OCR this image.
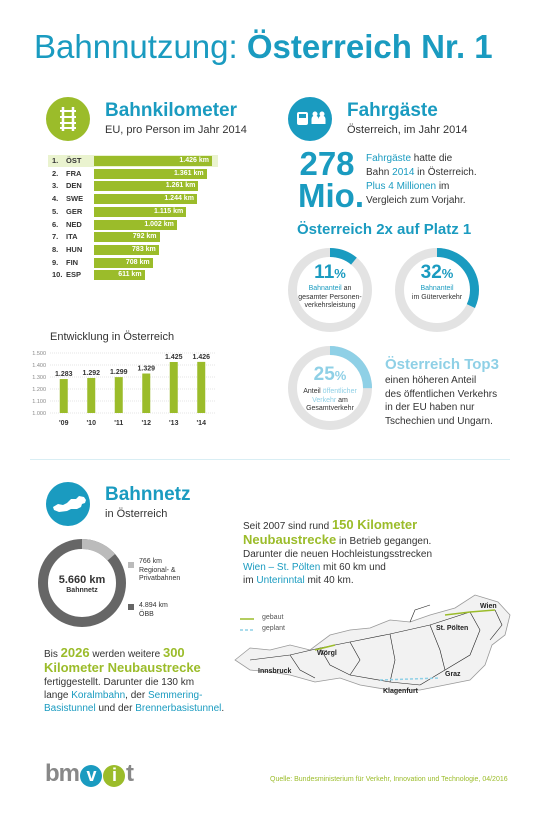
Bahnnutzung: Österreich Nr. 1
Bahnkilometer
EU, pro Person im Jahr 2014
1. ÖST	1.426 km
2. FRA	1.361 km
3. DEN	1.261 km
4. SWE	1.244 km
5. GER	1.115 km
6. NED	1.002 km
7. ITA	792 km
8. HUN	783 km
9. FIN	708 km
10. ESP	611 km
Entwicklung in Österreich
1.500
1.400
1.300
1.200
1.100
1.000
1.283
'09
1.292
'10
1.299
'11
1.329
'12
1.425
'13
1.426
'14
Fahrgäste
Österreich, im Jahr 2014
278
Mio.
Fahrgäste hatte die
Bahn 2014 in Österreich.
Plus 4 Millionen im
Vergleich zum Vorjahr.
Österreich 2x auf Platz 1
11%
Bahnanteil an
gesamter Personen-
verkehrsleistung
32%
Bahnanteil
im Güterverkehr
25%
Anteil öffentlicher
Verkehr am
Gesamtverkehr
Österreich Top3
einen höheren Anteil
des öffentlichen Verkehrs
in der EU haben nur
Tschechien und Ungarn.
Bahnnetz
in Österreich
5.660 km
Bahnnetz
766 km
Regional- &
Privatbahnen
4.894 km
ÖBB
Bis 2026 werden weitere 300
Kilometer Neubaustrecke
fertiggestellt. Darunter die 130 km
lange Koralmbahn, der Semmering-
Basistunnel und der Brennerbasistunnel.
Seit 2007 sind rund 150 Kilometer
Neubaustrecke in Betrieb gegangen.
Darunter die neuen Hochleistungsstrecken
Wien – St. Pölten mit 60 km und
im Unterinntal mit 40 km.
gebaut
geplant
Wien
St. Pölten
Graz
Klagenfurt
Innsbruck
Wörgl
bm v i t	Quelle: Bundesministerium für Verkehr, Innovation und Technologie, 04/2016
